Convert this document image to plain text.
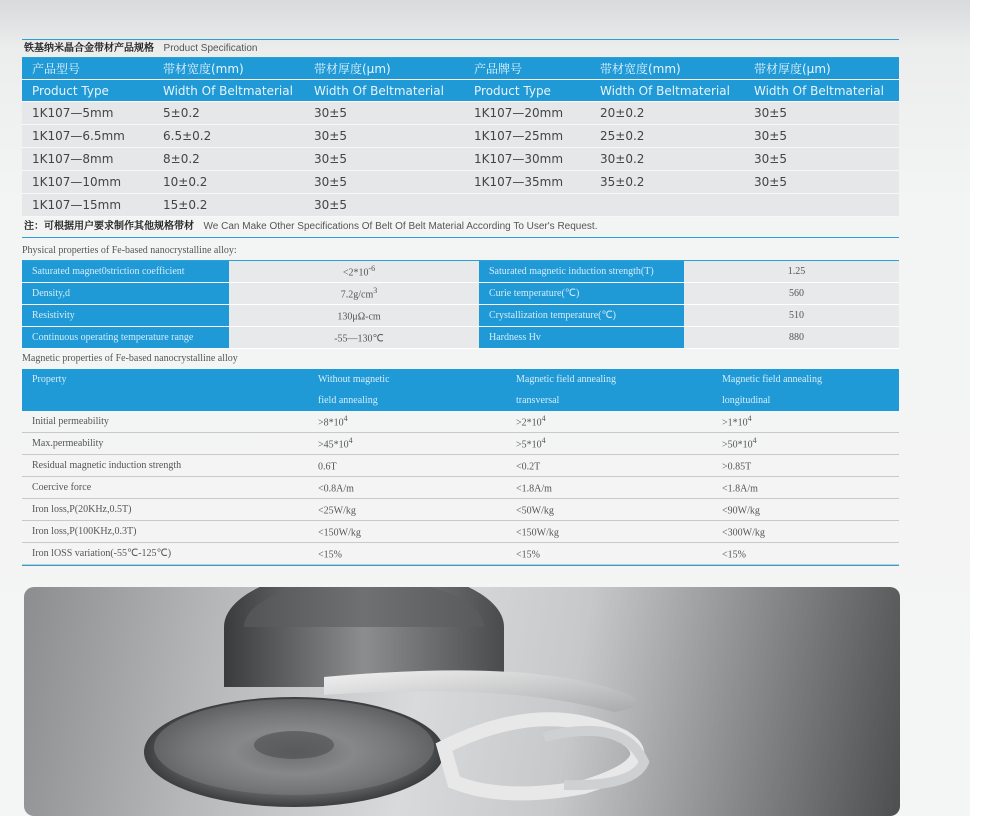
铁基纳米晶合金带材产品规格 Product Specification
产品型号	带材宽度(mm)	带材厚度(μm)	产品牌号	带材宽度(mm)	带材厚度(μm)
Product Type	Width Of Beltmaterial	Width Of Beltmaterial	Product Type	Width Of Beltmaterial	Width Of Beltmaterial
1K107—5mm	5±0.2	30±5	1K107—20mm	20±0.2	30±5
1K107—6.5mm	6.5±0.2	30±5	1K107—25mm	25±0.2	30±5
1K107—8mm	8±0.2	30±5	1K107—30mm	30±0.2	30±5
1K107—10mm	10±0.2	30±5	1K107—35mm	35±0.2	30±5
1K107—15mm	15±0.2	30±5			
注：可根据用户要求制作其他规格带材 We Can Make Other Specifications Of Belt Of Belt Material According To User's Request.
Physical properties of Fe-based nanocrystalline alloy:
Saturated magnet0striction coefficient	$<2*10^{-6}$	Saturated magnetic induction strength(T)	1.25
Density,d	$7.2g/cm^3$	Curie temperature(℃)	560
Resistivity	130μΩ-cm	Crystallization temperature(℃)	510
Continuous operating temperature range	-55—130℃	Hardness Hv	880
Magnetic properties of Fe-based nanocrystalline alloy
Property	Without magnetic	Magnetic field annealing	Magnetic field annealing
	field annealing	transversal	longitudinal
Initial permeability	$>8*10^4$	$>2*10^4$	$>1*10^4$
Max.permeability	$>45*10^4$	$>5*10^4$	$>50*10^4$
Residual magnetic induction strength	0.6T	<0.2T	>0.85T
Coercive force	<0.8A/m	<1.8A/m	<1.8A/m
Iron loss,P(20KHz,0.5T)	<25W/kg	<50W/kg	<90W/kg
Iron loss,P(100KHz,0.3T)	<150W/kg	<150W/kg	<300W/kg
Iron lOSS variation(-55℃-125℃)	<15%	<15%	<15%
